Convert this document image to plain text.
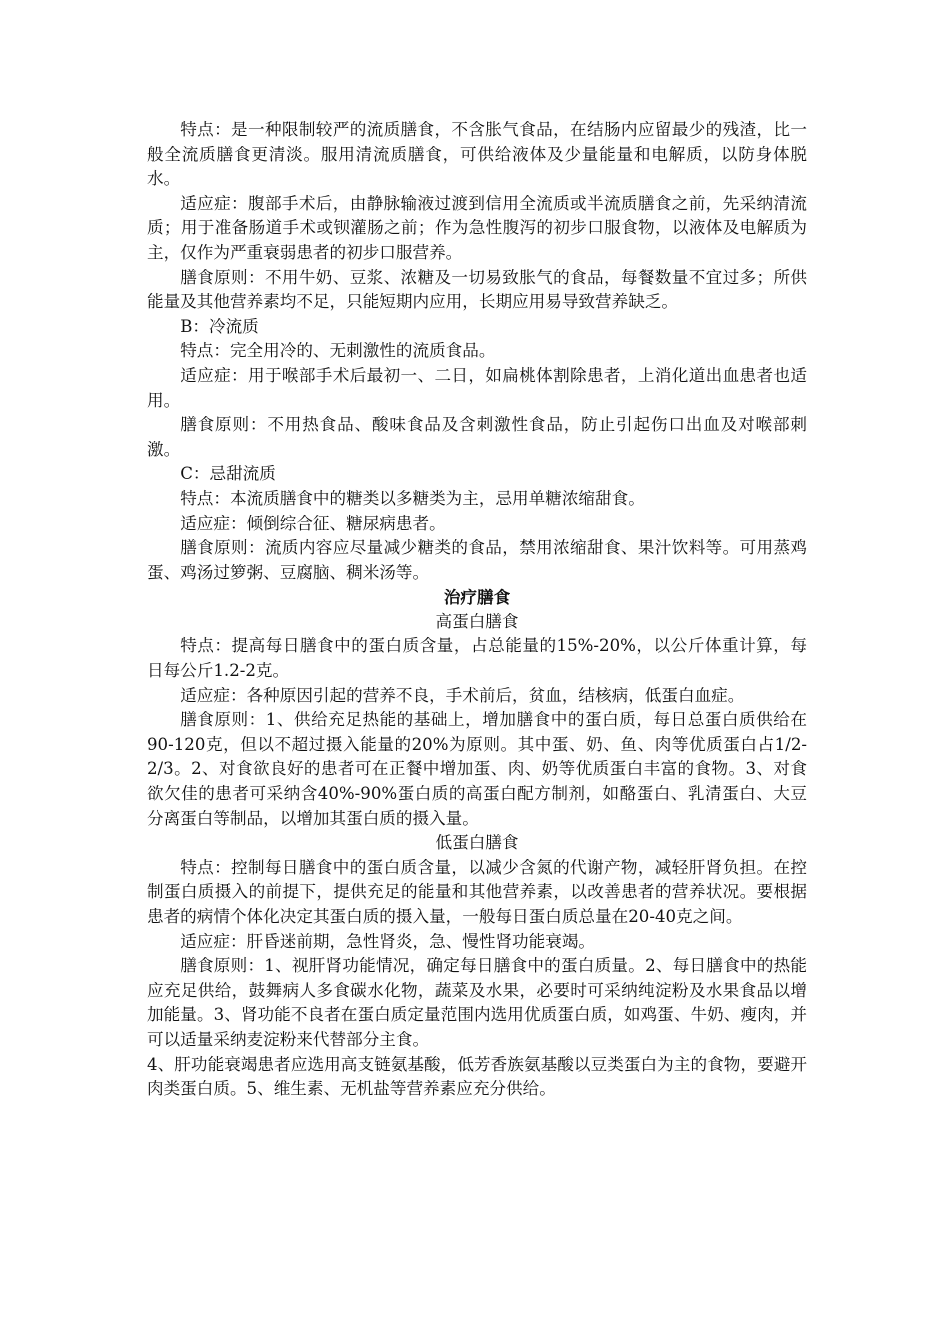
特点：是一种限制较严的流质膳食，不含胀气食品，在结肠内应留最少的残渣，比一般全流质膳食更清淡。服用清流质膳食，可供给液体及少量能量和电解质，以防身体脱水。

适应症：腹部手术后，由静脉输液过渡到信用全流质或半流质膳食之前，先采纳清流质；用于准备肠道手术或钡灌肠之前；作为急性腹泻的初步口服食物，以液体及电解质为主，仅作为严重衰弱患者的初步口服营养。

膳食原则：不用牛奶、豆浆、浓糖及一切易致胀气的食品，每餐数量不宜过多；所供能量及其他营养素均不足，只能短期内应用，长期应用易导致营养缺乏。

B：冷流质

特点：完全用冷的、无刺激性的流质食品。

适应症：用于喉部手术后最初一、二日，如扁桃体割除患者，上消化道出血患者也适用。

膳食原则：不用热食品、酸味食品及含刺激性食品，防止引起伤口出血及对喉部刺激。

C：忌甜流质

特点：本流质膳食中的糖类以多糖类为主，忌用单糖浓缩甜食。

适应症：倾倒综合征、糖尿病患者。

膳食原则：流质内容应尽量减少糖类的食品，禁用浓缩甜食、果汁饮料等。可用蒸鸡蛋、鸡汤过箩粥、豆腐脑、稠米汤等。

治疗膳食

高蛋白膳食

特点：提高每日膳食中的蛋白质含量，占总能量的15%-20%，以公斤体重计算，每日每公斤1.2-2克。

适应症：各种原因引起的营养不良，手术前后，贫血，结核病，低蛋白血症。

膳食原则：1、供给充足热能的基础上，增加膳食中的蛋白质，每日总蛋白质供给在90-120克，但以不超过摄入能量的20%为原则。其中蛋、奶、鱼、肉等优质蛋白占1/2-2/3。2、对食欲良好的患者可在正餐中增加蛋、肉、奶等优质蛋白丰富的食物。3、对食欲欠佳的患者可采纳含40%-90%蛋白质的高蛋白配方制剂，如酪蛋白、乳清蛋白、大豆分离蛋白等制品，以增加其蛋白质的摄入量。

低蛋白膳食

特点：控制每日膳食中的蛋白质含量，以减少含氮的代谢产物，减轻肝肾负担。在控制蛋白质摄入的前提下，提供充足的能量和其他营养素，以改善患者的营养状况。要根据患者的病情个体化决定其蛋白质的摄入量，一般每日蛋白质总量在20-40克之间。

适应症：肝昏迷前期，急性肾炎，急、慢性肾功能衰竭。

膳食原则：1、视肝肾功能情况，确定每日膳食中的蛋白质量。2、每日膳食中的热能应充足供给，鼓舞病人多食碳水化物，蔬菜及水果，必要时可采纳纯淀粉及水果食品以增加能量。3、肾功能不良者在蛋白质定量范围内选用优质蛋白质，如鸡蛋、牛奶、瘦肉，并可以适量采纳麦淀粉来代替部分主食。

4、肝功能衰竭患者应选用高支链氨基酸，低芳香族氨基酸以豆类蛋白为主的食物，要避开肉类蛋白质。5、维生素、无机盐等营养素应充分供给。
